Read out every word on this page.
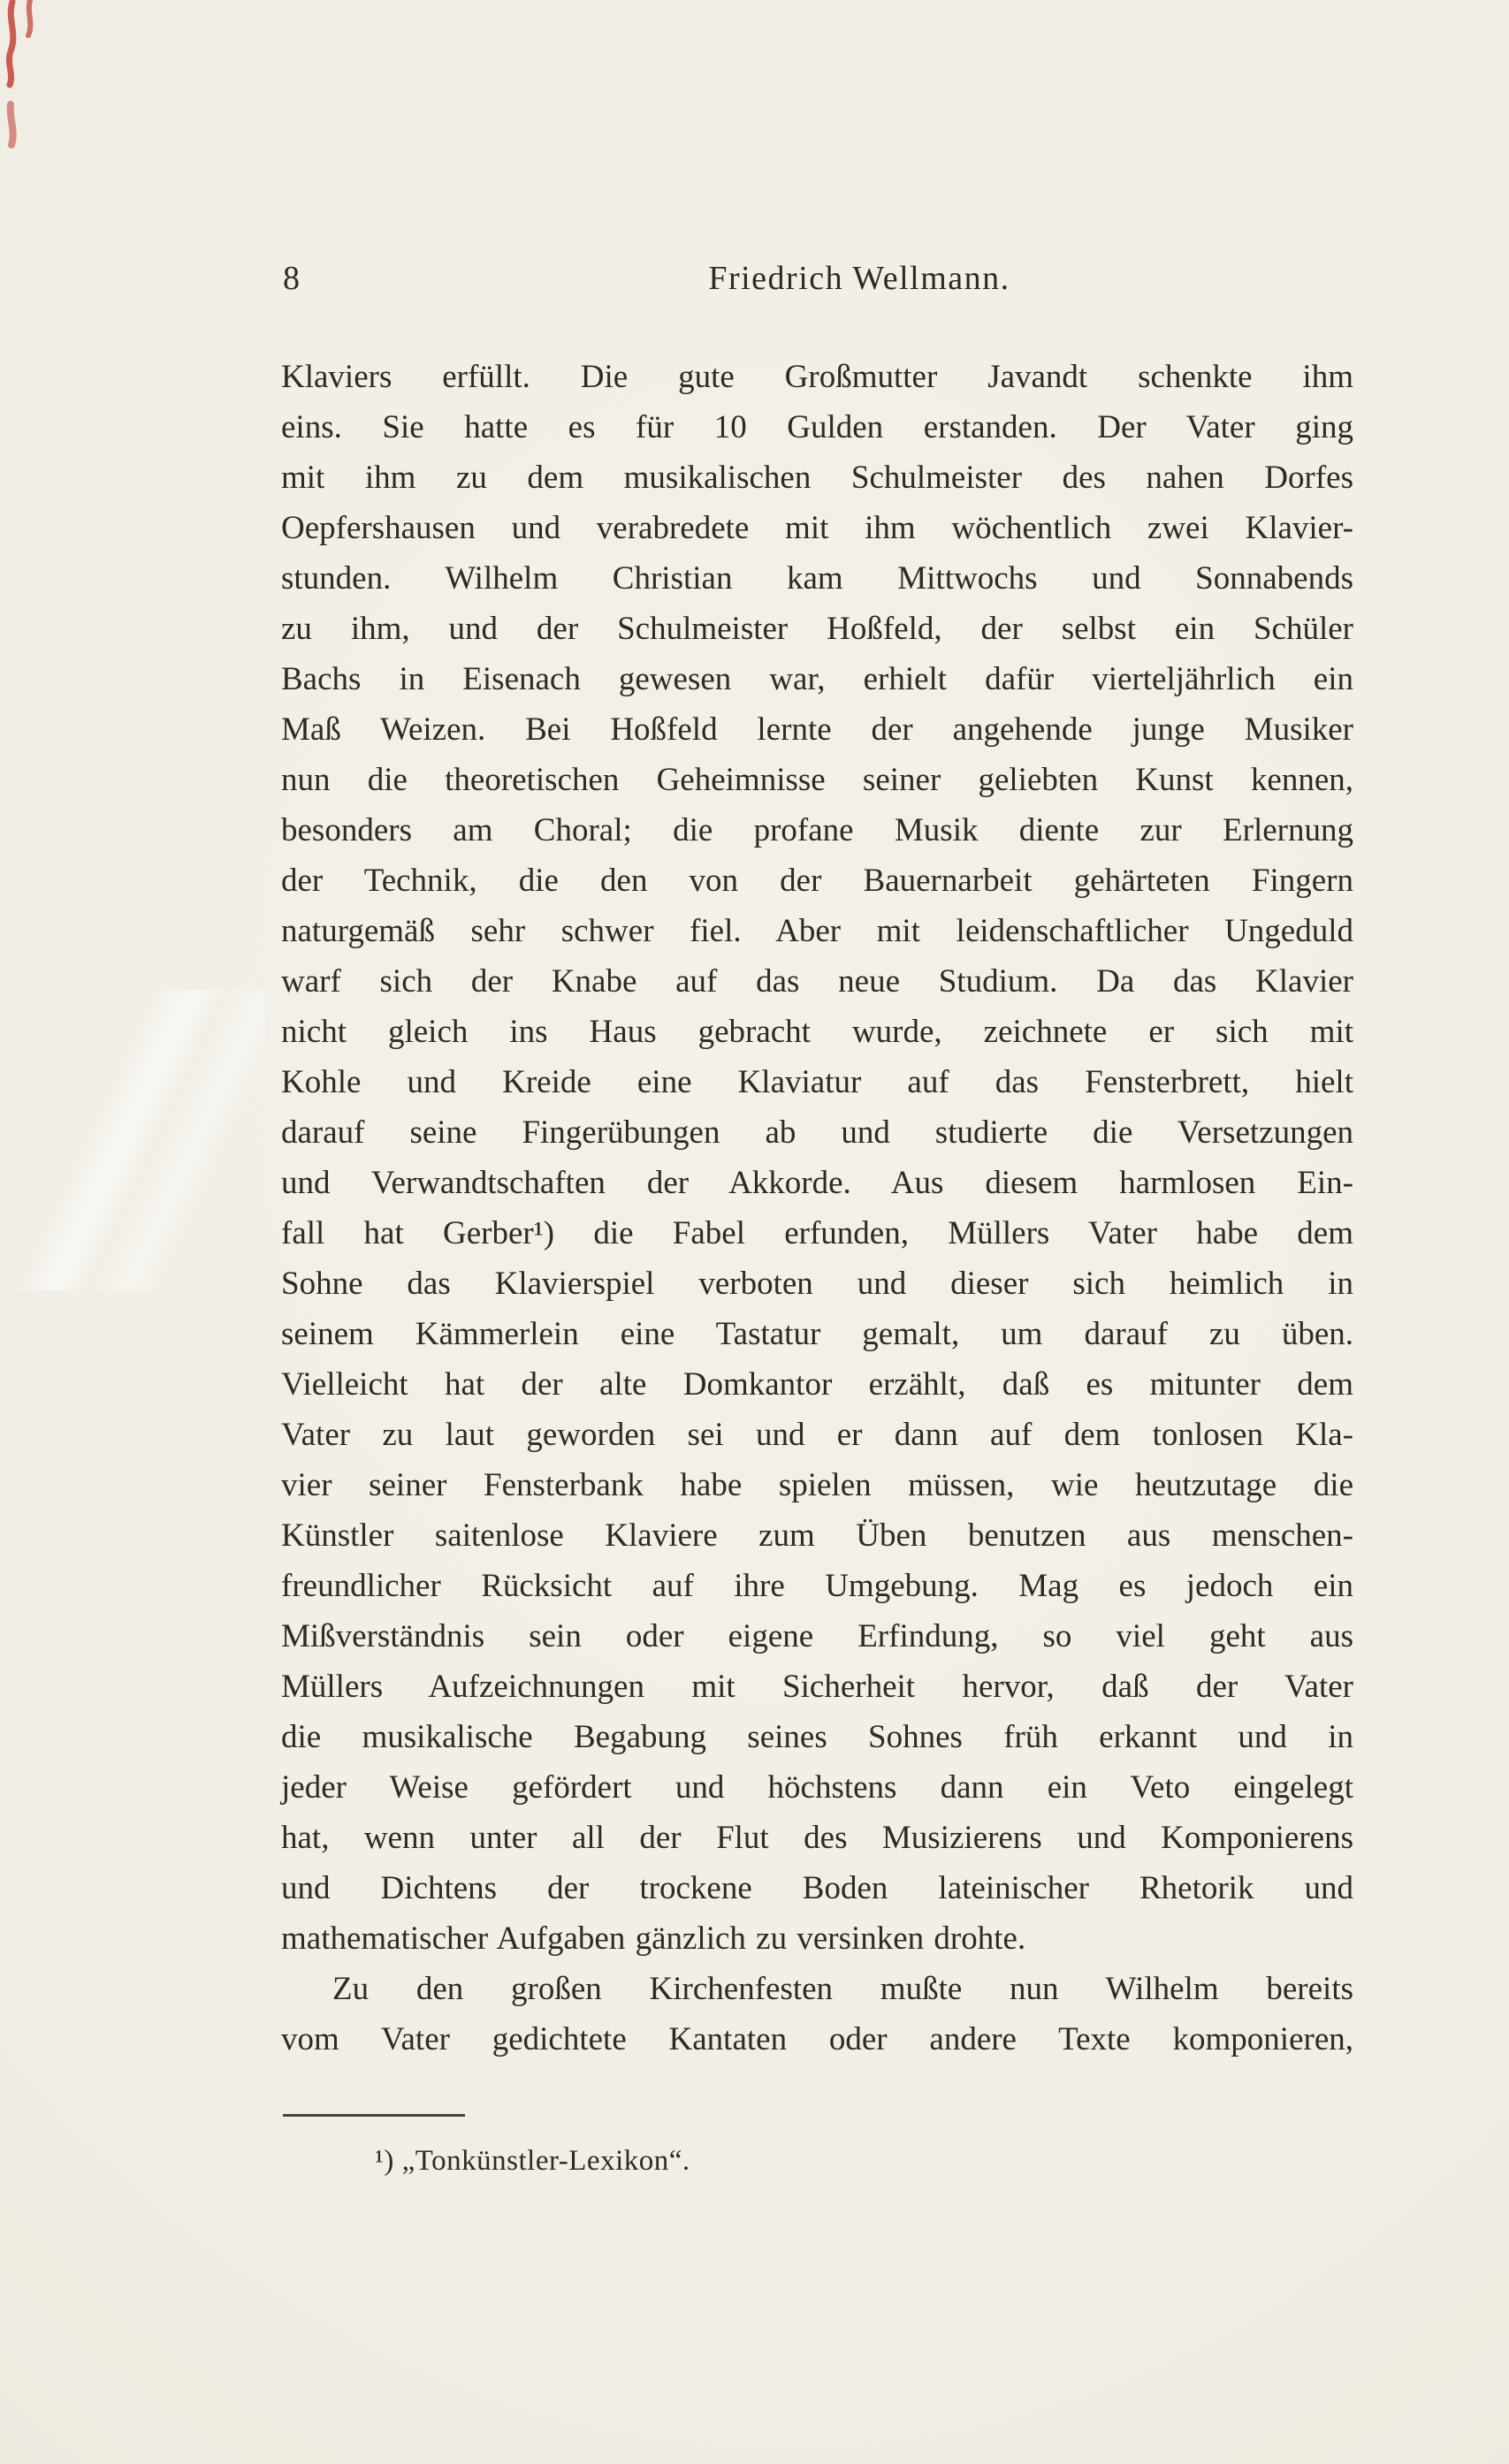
8	Friedrich Wellmann.
Klaviers erfüllt. Die gute Großmutter Javandt schenkte ihm
eins. Sie hatte es für 10 Gulden erstanden. Der Vater ging
mit ihm zu dem musikalischen Schulmeister des nahen Dorfes
Oepfershausen und verabredete mit ihm wöchentlich zwei Klavier-
stunden. Wilhelm Christian kam Mittwochs und Sonnabends
zu ihm, und der Schulmeister Hoßfeld, der selbst ein Schüler
Bachs in Eisenach gewesen war, erhielt dafür vierteljährlich ein
Maß Weizen. Bei Hoßfeld lernte der angehende junge Musiker
nun die theoretischen Geheimnisse seiner geliebten Kunst kennen,
besonders am Choral; die profane Musik diente zur Erlernung
der Technik, die den von der Bauernarbeit gehärteten Fingern
naturgemäß sehr schwer fiel. Aber mit leidenschaftlicher Ungeduld
warf sich der Knabe auf das neue Studium. Da das Klavier
nicht gleich ins Haus gebracht wurde, zeichnete er sich mit
Kohle und Kreide eine Klaviatur auf das Fensterbrett, hielt
darauf seine Fingerübungen ab und studierte die Versetzungen
und Verwandtschaften der Akkorde. Aus diesem harmlosen Ein-
fall hat Gerber¹) die Fabel erfunden, Müllers Vater habe dem
Sohne das Klavierspiel verboten und dieser sich heimlich in
seinem Kämmerlein eine Tastatur gemalt, um darauf zu üben.
Vielleicht hat der alte Domkantor erzählt, daß es mitunter dem
Vater zu laut geworden sei und er dann auf dem tonlosen Kla-
vier seiner Fensterbank habe spielen müssen, wie heutzutage die
Künstler saitenlose Klaviere zum Üben benutzen aus menschen-
freundlicher Rücksicht auf ihre Umgebung. Mag es jedoch ein
Mißverständnis sein oder eigene Erfindung, so viel geht aus
Müllers Aufzeichnungen mit Sicherheit hervor, daß der Vater
die musikalische Begabung seines Sohnes früh erkannt und in
jeder Weise gefördert und höchstens dann ein Veto eingelegt
hat, wenn unter all der Flut des Musizierens und Komponierens
und Dichtens der trockene Boden lateinischer Rhetorik und
mathematischer Aufgaben gänzlich zu versinken drohte.
Zu den großen Kirchenfesten mußte nun Wilhelm bereits
vom Vater gedichtete Kantaten oder andere Texte komponieren,
¹) „Tonkünstler-Lexikon“.
